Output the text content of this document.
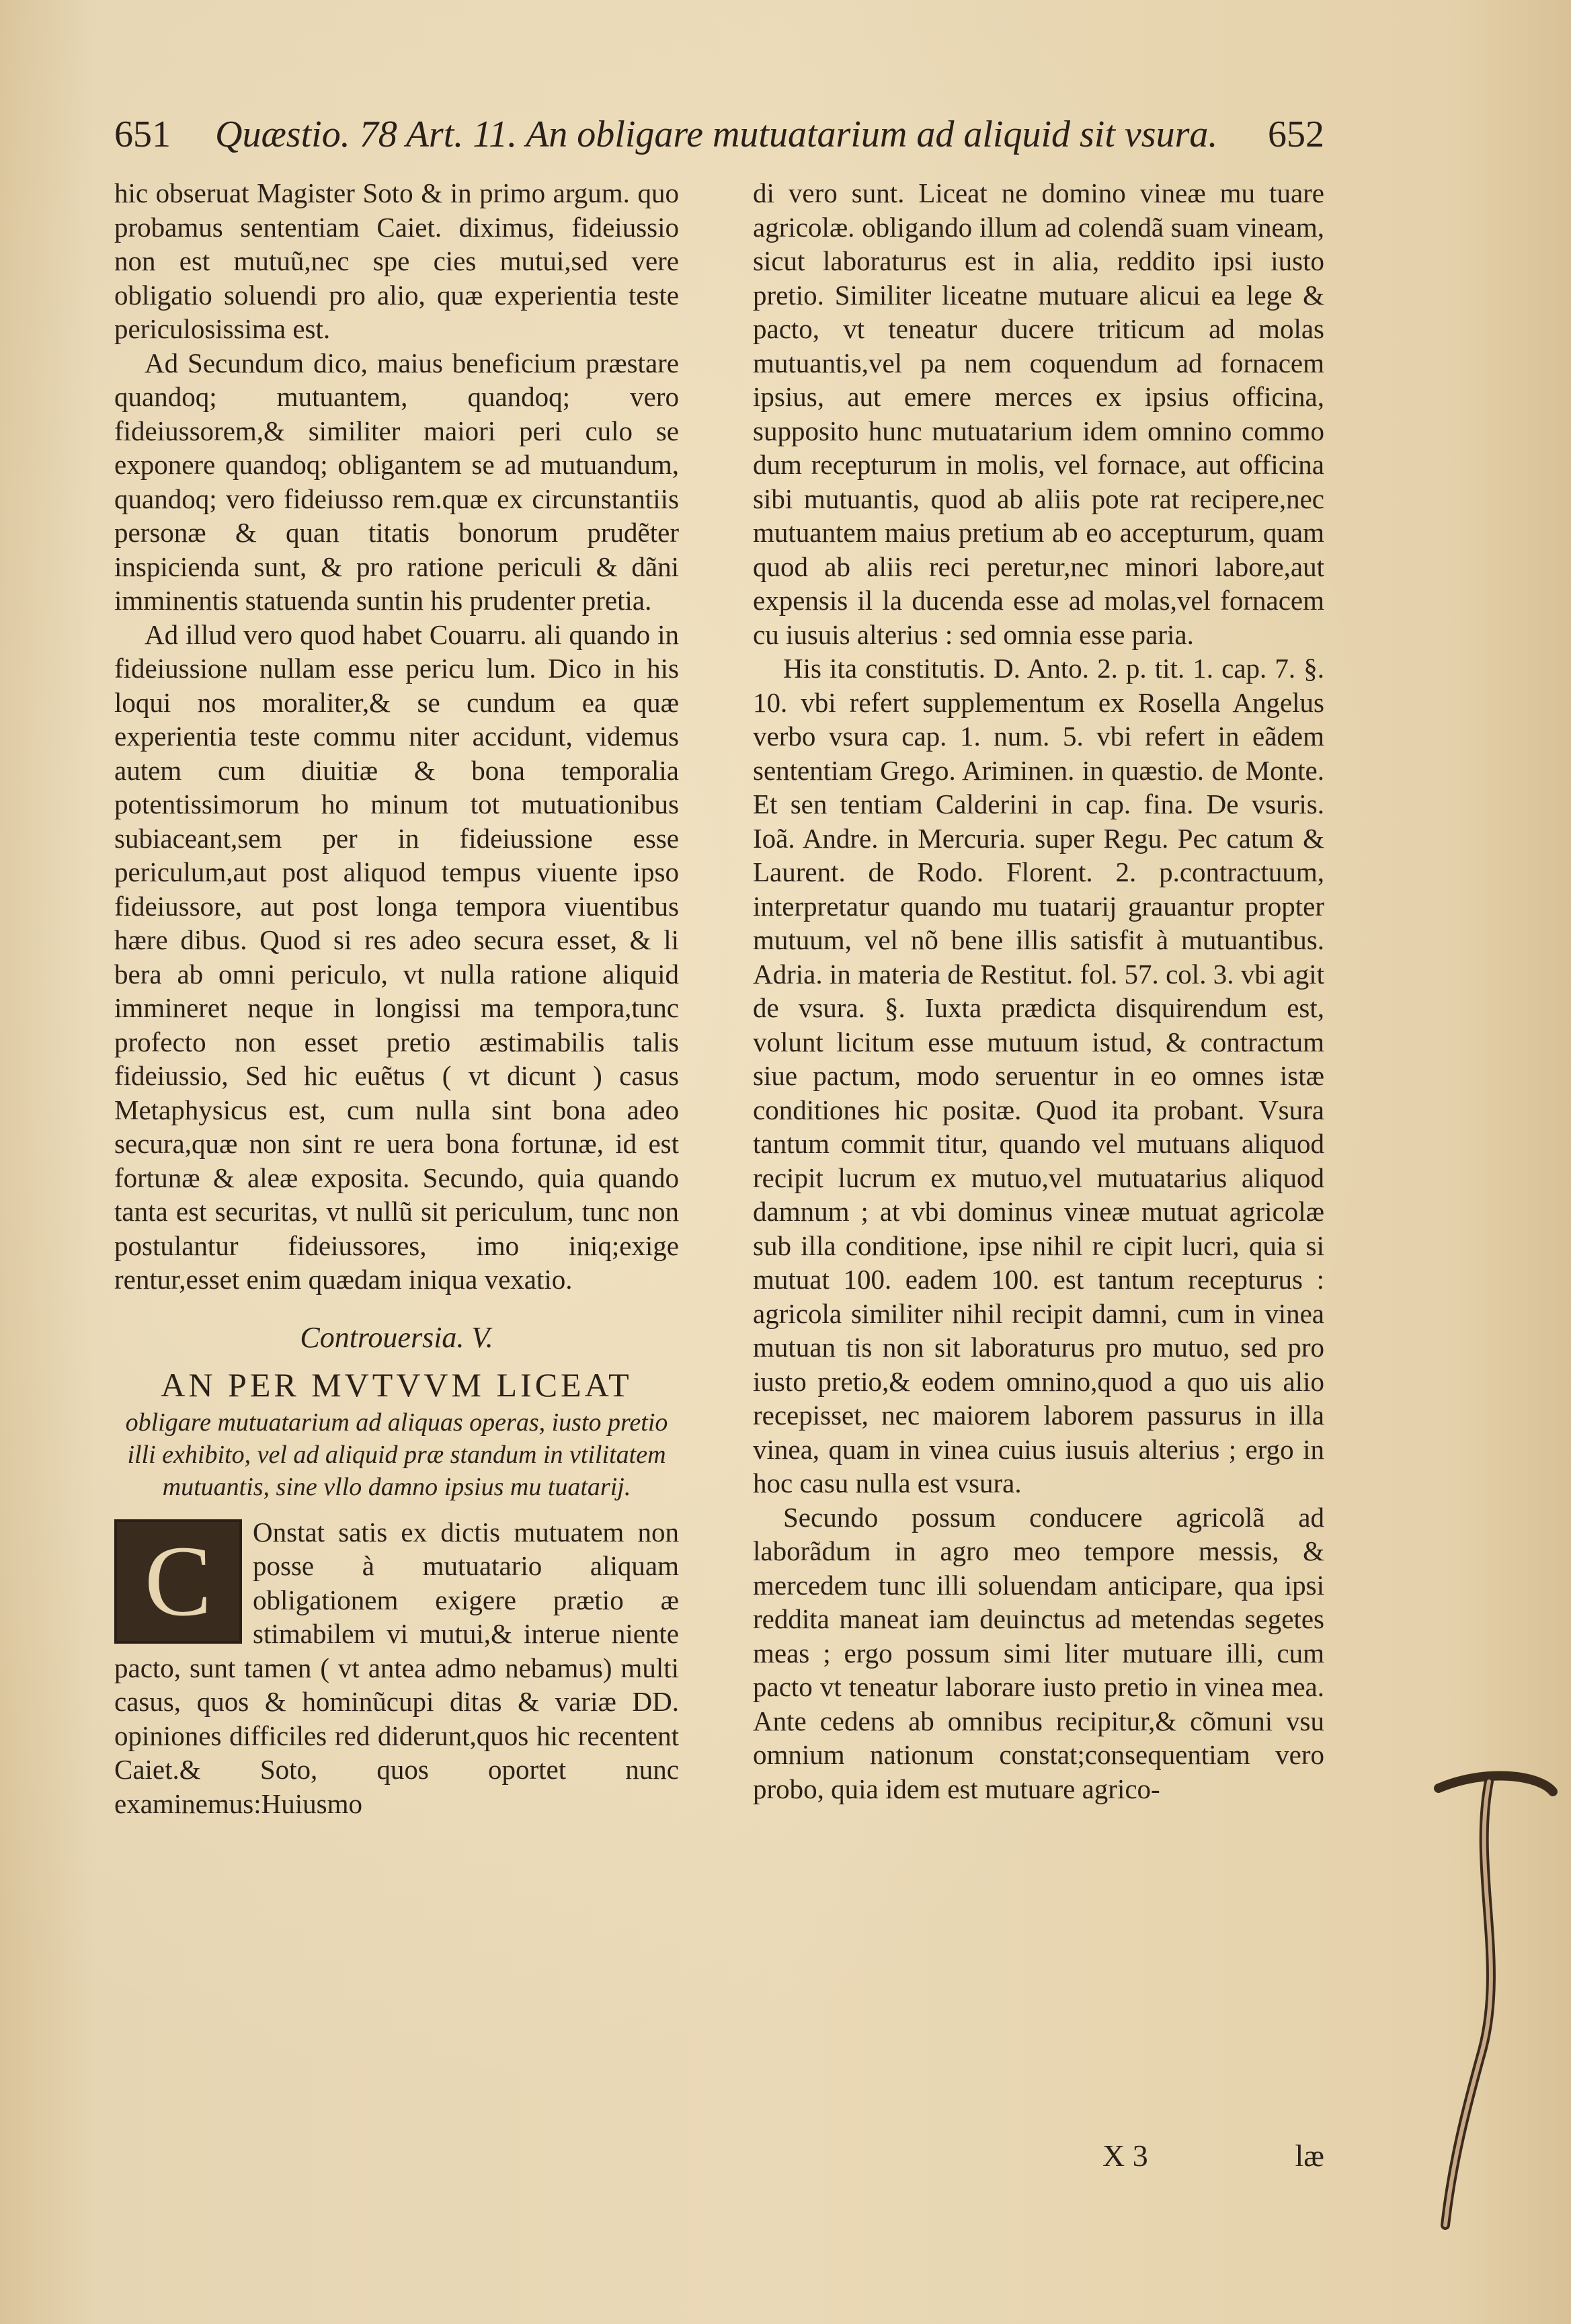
651	Quæstio. 78 Art. 11. An obligare mutuatarium ad aliquid sit vsura.	652

hic obseruat Magister Soto & in primo argum. quo probamus sententiam Caiet. diximus, fideiussio non est mutuũ,nec spe cies mutui,sed vere obligatio soluendi pro alio, quæ experientia teste periculosissima est.

Ad Secundum dico, maius beneficium præstare quandoq; mutuantem, quandoq; vero fideiussorem,& similiter maiori peri culo se exponere quandoq; obligantem se ad mutuandum, quandoq; vero fideiusso rem.quæ ex circunstantiis personæ & quan titatis bonorum prudẽter inspicienda sunt, & pro ratione periculi & dãni imminentis statuenda suntin his prudenter pretia.

Ad illud vero quod habet Couarru. ali quando in fideiussione nullam esse pericu lum. Dico in his loqui nos moraliter,& se cundum ea quæ experientia teste commu niter accidunt, videmus autem cum diuitiæ & bona temporalia potentissimorum ho minum tot mutuationibus subiaceant,sem per in fideiussione esse periculum,aut post aliquod tempus viuente ipso fideiussore, aut post longa tempora viuentibus hære dibus. Quod si res adeo secura esset, & li bera ab omni periculo, vt nulla ratione aliquid immineret neque in longissi ma tempora,tunc profecto non esset pretio æstimabilis talis fideiussio, Sed hic euẽtus ( vt dicunt ) casus Metaphysicus est, cum nulla sint bona adeo secura,quæ non sint re uera bona fortunæ, id est fortunæ & aleæ exposita. Secundo, quia quando tanta est securitas, vt nullũ sit periculum, tunc non postulantur fideiussores, imo iniq;exige rentur,esset enim quædam iniqua vexatio.

Controuersia. V.
AN PER MVTVVM LICEAT
obligare mutuatarium ad aliquas operas, iusto pretio illi exhibito, vel ad aliquid præ standum in vtilitatem mutuantis, sine vllo damno ipsius mu tuatarij.
C	Onstat satis ex dictis mutuatem non posse à mutuatario aliquam obligationem exigere prætio æ stimabilem vi mutui,& interue niente pacto, sunt tamen ( vt antea admo nebamus) multi casus, quos & hominũcupi ditas & variæ DD. opiniones difficiles red diderunt,quos hic recentent Caiet.& Soto, quos oportet nunc examinemus:Huiusmo

di vero sunt. Liceat ne domino vineæ mu tuare agricolæ. obligando illum ad colendã suam vineam, sicut laboraturus est in alia, reddito ipsi iusto pretio. Similiter liceatne mutuare alicui ea lege & pacto, vt teneatur ducere triticum ad molas mutuantis,vel pa nem coquendum ad fornacem ipsius, aut emere merces ex ipsius officina, supposito hunc mutuatarium idem omnino commo dum recepturum in molis, vel fornace, aut officina sibi mutuantis, quod ab aliis pote rat recipere,nec mutuantem maius pretium ab eo accepturum, quam quod ab aliis reci peretur,nec minori labore,aut expensis il la ducenda esse ad molas,vel fornacem cu iusuis alterius : sed omnia esse paria.

His ita constitutis. D. Anto. 2. p. tit. 1. cap. 7. §. 10. vbi refert supplementum ex Rosella Angelus verbo vsura cap. 1. num. 5. vbi refert in eãdem sententiam Grego. Ariminen. in quæstio. de Monte. Et sen tentiam Calderini in cap. fina. De vsuris. Ioã. Andre. in Mercuria. super Regu. Pec catum & Laurent. de Rodo. Florent. 2. p.contractuum, interpretatur quando mu tuatarij grauantur propter mutuum, vel nõ bene illis satisfit à mutuantibus. Adria. in materia de Restitut. fol. 57. col. 3. vbi agit de vsura. §. Iuxta prædicta disquirendum est, volunt licitum esse mutuum istud, & contractum siue pactum, modo seruentur in eo omnes istæ conditiones hic positæ. Quod ita probant. Vsura tantum commit titur, quando vel mutuans aliquod recipit lucrum ex mutuo,vel mutuatarius aliquod damnum ; at vbi dominus vineæ mutuat agricolæ sub illa conditione, ipse nihil re cipit lucri, quia si mutuat 100. eadem 100. est tantum recepturus : agricola similiter nihil recipit damni, cum in vinea mutuan tis non sit laboraturus pro mutuo, sed pro iusto pretio,& eodem omnino,quod a quo uis alio recepisset, nec maiorem laborem passurus in illa vinea, quam in vinea cuius iusuis alterius ; ergo in hoc casu nulla est vsura.

Secundo possum conducere agricolã ad laborãdum in agro meo tempore messis, & mercedem tunc illi soluendam anticipare, qua ipsi reddita maneat iam deuinctus ad metendas segetes meas ; ergo possum simi liter mutuare illi, cum pacto vt teneatur laborare iusto pretio in vinea mea. Ante cedens ab omnibus recipitur,& cõmuni vsu omnium nationum constat;consequentiam vero probo, quia idem est mutuare agrico-

X 3	læ
